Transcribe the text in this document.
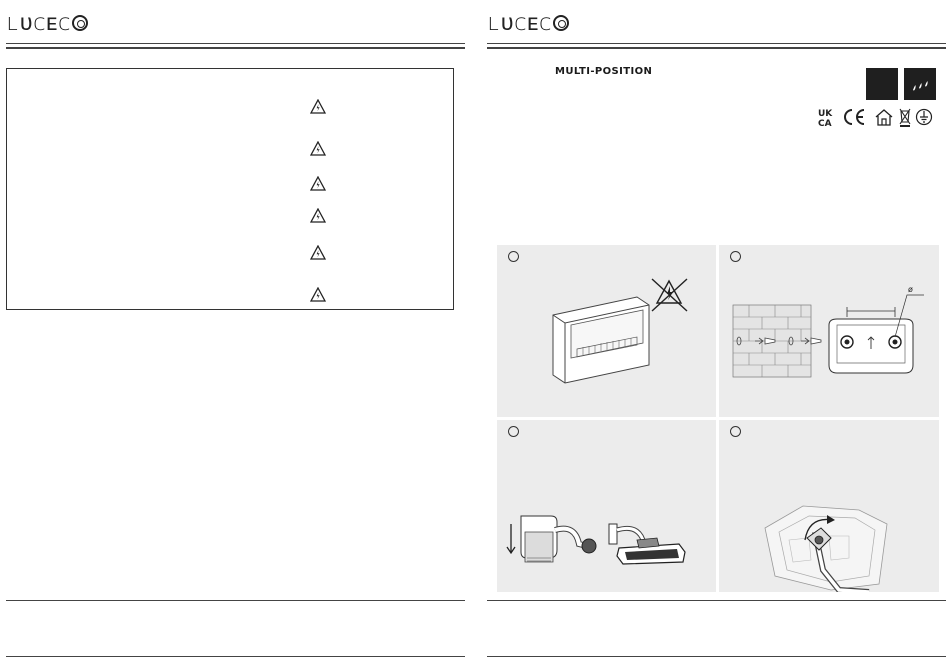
ʟᴜᴄᴇᴄ	ʟᴜᴄᴇᴄ
MULTI-POSITION
UK
CA
ø
